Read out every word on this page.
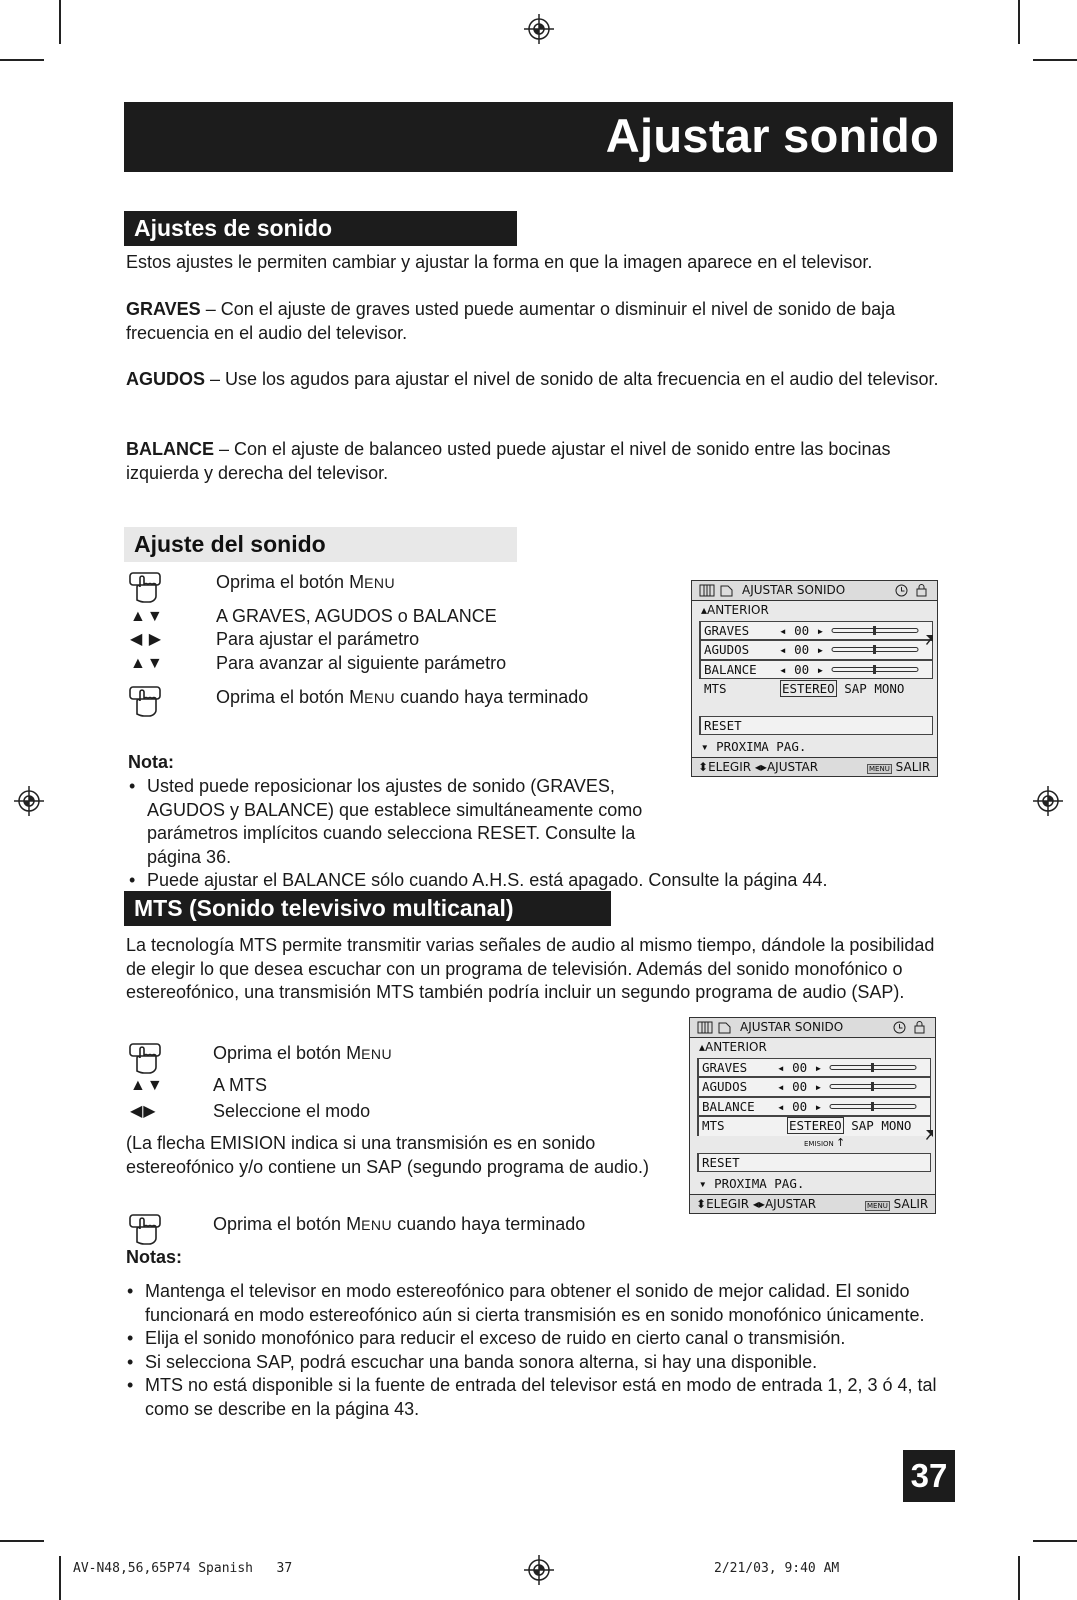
Ajustar sonido
Ajustes de sonido
Estos ajustes le permiten cambiar y ajustar la forma en que la imagen aparece en el televisor.
GRAVES – Con el ajuste de graves usted puede aumentar o disminuir el nivel de sonido de baja frecuencia en el audio del televisor.
AGUDOS – Use los agudos para ajustar el nivel de sonido de alta frecuencia en el audio del televisor.
BALANCE – Con el ajuste de balanceo usted puede ajustar el nivel de sonido entre las bocinas izquierda y derecha del televisor.
Ajuste del sonido
Oprima el botón MENU
▲▼	A GRAVES, AGUDOS o BALANCE
◀ ▶	Para ajustar el parámetro
▲▼	Para avanzar al siguiente parámetro
Oprima el botón MENU cuando haya terminado
AJUSTAR SONIDO
▴ANTERIOR
GRAVES ◂ 00 ▸
AGUDOS ◂ 00 ▸
BALANCE ◂ 00 ▸
MTS	ESTEREO SAP MONO
RESET
▾ PROXIMA PAG.
⬍ELEGIR ◂▸AJUSTAR	MENU SALIR
Nota:
• Usted puede reposicionar los ajustes de sonido (GRAVES, AGUDOS y BALANCE) que establece simultáneamente como parámetros implícitos cuando selecciona RESET. Consulte la página 36.
• Puede ajustar el BALANCE sólo cuando A.H.S. está apagado. Consulte la página 44.
MTS (Sonido televisivo multicanal)
La tecnología MTS permite transmitir varias señales de audio al mismo tiempo, dándole la posibilidad de elegir lo que desea escuchar con un programa de televisión. Además del sonido monofónico o estereofónico, una transmisión MTS también podría incluir un segundo programa de audio (SAP).
Oprima el botón MENU
▲▼	A MTS
◀▶	Seleccione el modo
(La flecha EMISION indica si una transmisión es en sonido estereofónico y/o contiene un SAP (segundo programa de audio.)
Oprima el botón MENU cuando haya terminado
AJUSTAR SONIDO
▴ANTERIOR
GRAVES ◂ 00 ▸
AGUDOS ◂ 00 ▸
BALANCE ◂ 00 ▸
MTS	ESTEREO SAP MONO
EMISION ↑
RESET
▾ PROXIMA PAG.
⬍ELEGIR ◂▸AJUSTAR	MENU SALIR
Notas:
• Mantenga el televisor en modo estereofónico para obtener el sonido de mejor calidad. El sonido funcionará en modo estereofónico aún si cierta transmisión es en sonido monofónico únicamente.
• Elija el sonido monofónico para reducir el exceso de ruido en cierto canal o transmisión.
• Si selecciona SAP, podrá escuchar una banda sonora alterna, si hay una disponible.
• MTS no está disponible si la fuente de entrada del televisor está en modo de entrada 1, 2, 3 ó 4, tal como se describe en la página 43.
37
AV-N48,56,65P74 Spanish   37	2/21/03, 9:40 AM
